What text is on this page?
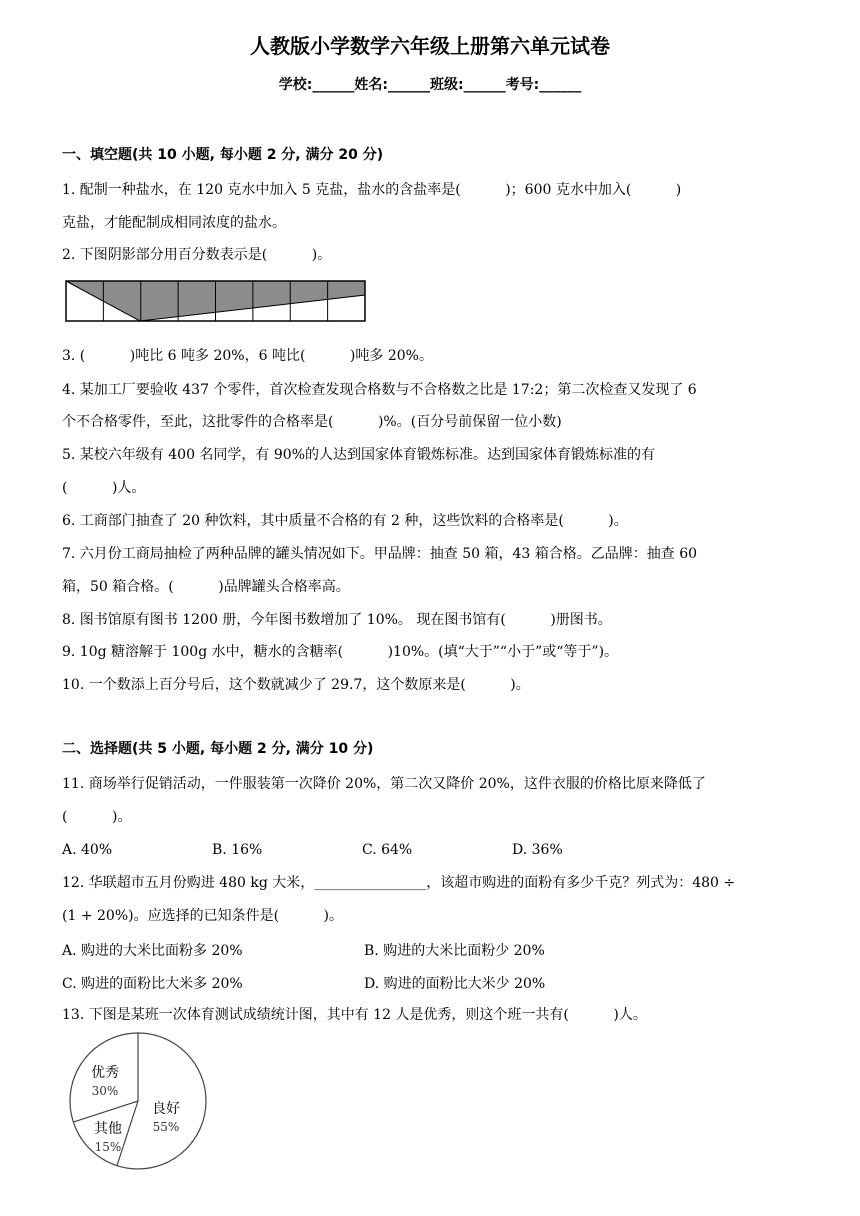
人教版小学数学六年级上册第六单元试卷
学校:______姓名:______班级:______考号:______
一、填空题(共 10 小题, 每小题 2 分, 满分 20 分)
1. 配制一种盐水，在 120 克水中加入 5 克盐，盐水的含盐率是(          )；600 克水中加入(          )
克盐，才能配制成相同浓度的盐水。
2. 下图阴影部分用百分数表示是(          )。
3. (          )吨比 6 吨多 20%，6 吨比(          )吨多 20%。
4. 某加工厂要验收 437 个零件，首次检查发现合格数与不合格数之比是 17:2；第二次检查又发现了 6
个不合格零件，至此，这批零件的合格率是(          )%。(百分号前保留一位小数)
5. 某校六年级有 400 名同学，有 90%的人达到国家体育锻炼标准。达到国家体育锻炼标准的有
(          )人。
6. 工商部门抽查了 20 种饮料，其中质量不合格的有 2 种，这些饮料的合格率是(          )。
7. 六月份工商局抽检了两种品牌的罐头情况如下。甲品牌：抽查 50 箱，43 箱合格。乙品牌：抽查 60
箱，50 箱合格。(          )品牌罐头合格率高。
8. 图书馆原有图书 1200 册，今年图书数增加了 10%。 现在图书馆有(          )册图书。
9. 10g 糖溶解于 100g 水中，糖水的含糖率(          )10%。(填“大于”“小于”或“等于”)。
10. 一个数添上百分号后，这个数就减少了 29.7，这个数原来是(          )。
二、选择题(共 5 小题, 每小题 2 分, 满分 10 分)
11. 商场举行促销活动，一件服装第一次降价 20%，第二次又降价 20%，这件衣服的价格比原来降低了
(          )。
A. 40%	B. 16%	C. 64%	D. 36%
12. 华联超市五月份购进 480 kg 大米，________________，该超市购进的面粉有多少千克？列式为：480 ÷
(1 + 20%)。应选择的已知条件是(          )。
A. 购进的大米比面粉多 20%	B. 购进的大米比面粉少 20%
C. 购进的面粉比大米多 20%	D. 购进的面粉比大米少 20%
13. 下图是某班一次体育测试成绩统计图，其中有 12 人是优秀，则这个班一共有(          )人。
优秀
30%
良好
55%
其他
15%
